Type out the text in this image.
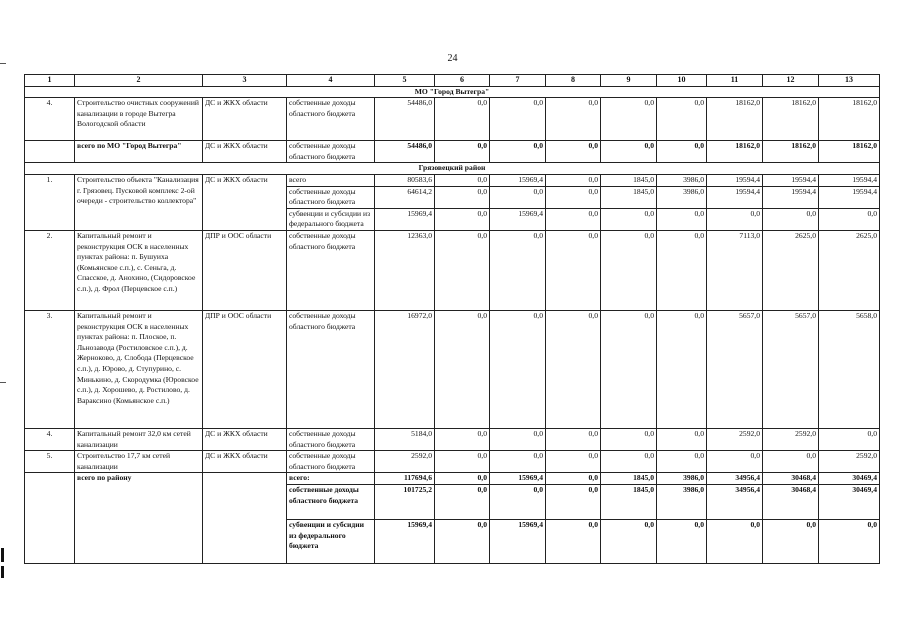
24
1	2	3	4	5	6	7	8	9	10	11	12	13
МО "Город Вытегра"												
4.	Строительство очистных сооружений канализации в городе Вытегра Вологодской области	ДС и ЖКХ области	собственные доходы областного бюджета	54486,0	0,0	0,0	0,0	0,0	0,0	18162,0	18162,0	18162,0
	всего по МО "Город Вытегра"	ДС и ЖКХ области	собственные доходы областного бюджета	54486,0	0,0	0,0	0,0	0,0	0,0	18162,0	18162,0	18162,0
Грязовецкий район												
1.	Строительство объекта "Канализация г. Грязовец. Пусковой комплекс 2-ой очереди - строительство коллектора"	ДС и ЖКХ области	всего	80583,6	0,0	15969,4	0,0	1845,0	3986,0	19594,4	19594,4	19594,4
			собственные доходы областного бюджета	64614,2	0,0	0,0	0,0	1845,0	3986,0	19594,4	19594,4	19594,4
			субвенции и субсидии из федерального бюджета	15969,4	0,0	15969,4	0,0	0,0	0,0	0,0	0,0	0,0
2.	Капитальный ремонт и реконструкция ОСК в населенных пунктах района: п. Бушуиха (Комьянское с.п.), с. Сеньга, д. Спасское, д. Анохино, (Сидоровское с.п.), д. Фрол (Перцевское с.п.)	ДПР и ООС области	собственные доходы областного бюджета	12363,0	0,0	0,0	0,0	0,0	0,0	7113,0	2625,0	2625,0
3.	Капитальный ремонт и реконструкция ОСК в населенных пунктах района: п. Плоское, п. Льнозавода (Ростиловское с.п.), д. Жерноково, д. Слобода (Перцевское с.п.), д. Юрово, д. Ступурино, с. Минькино, д. Скородумка (Юровское с.п.), д. Хорошево, д. Ростилово, д. Вараксино (Комьянское с.п.)	ДПР и ООС области	собственные доходы областного бюджета	16972,0	0,0	0,0	0,0	0,0	0,0	5657,0	5657,0	5658,0
4.	Капитальный ремонт 32,0 км сетей канализации	ДС и ЖКХ области	собственные доходы областного бюджета	5184,0	0,0	0,0	0,0	0,0	0,0	2592,0	2592,0	0,0
5.	Строительство 17,7 км сетей канализации	ДС и ЖКХ области	собственные доходы областного бюджета	2592,0	0,0	0,0	0,0	0,0	0,0	0,0	0,0	2592,0
	всего по району		всего:	117694,6	0,0	15969,4	0,0	1845,0	3986,0	34956,4	30468,4	30469,4
			собственные доходы областного бюджета	101725,2	0,0	0,0	0,0	1845,0	3986,0	34956,4	30468,4	30469,4
			субвенции и субсидии из федерального бюджета	15969,4	0,0	15969,4	0,0	0,0	0,0	0,0	0,0	0,0
